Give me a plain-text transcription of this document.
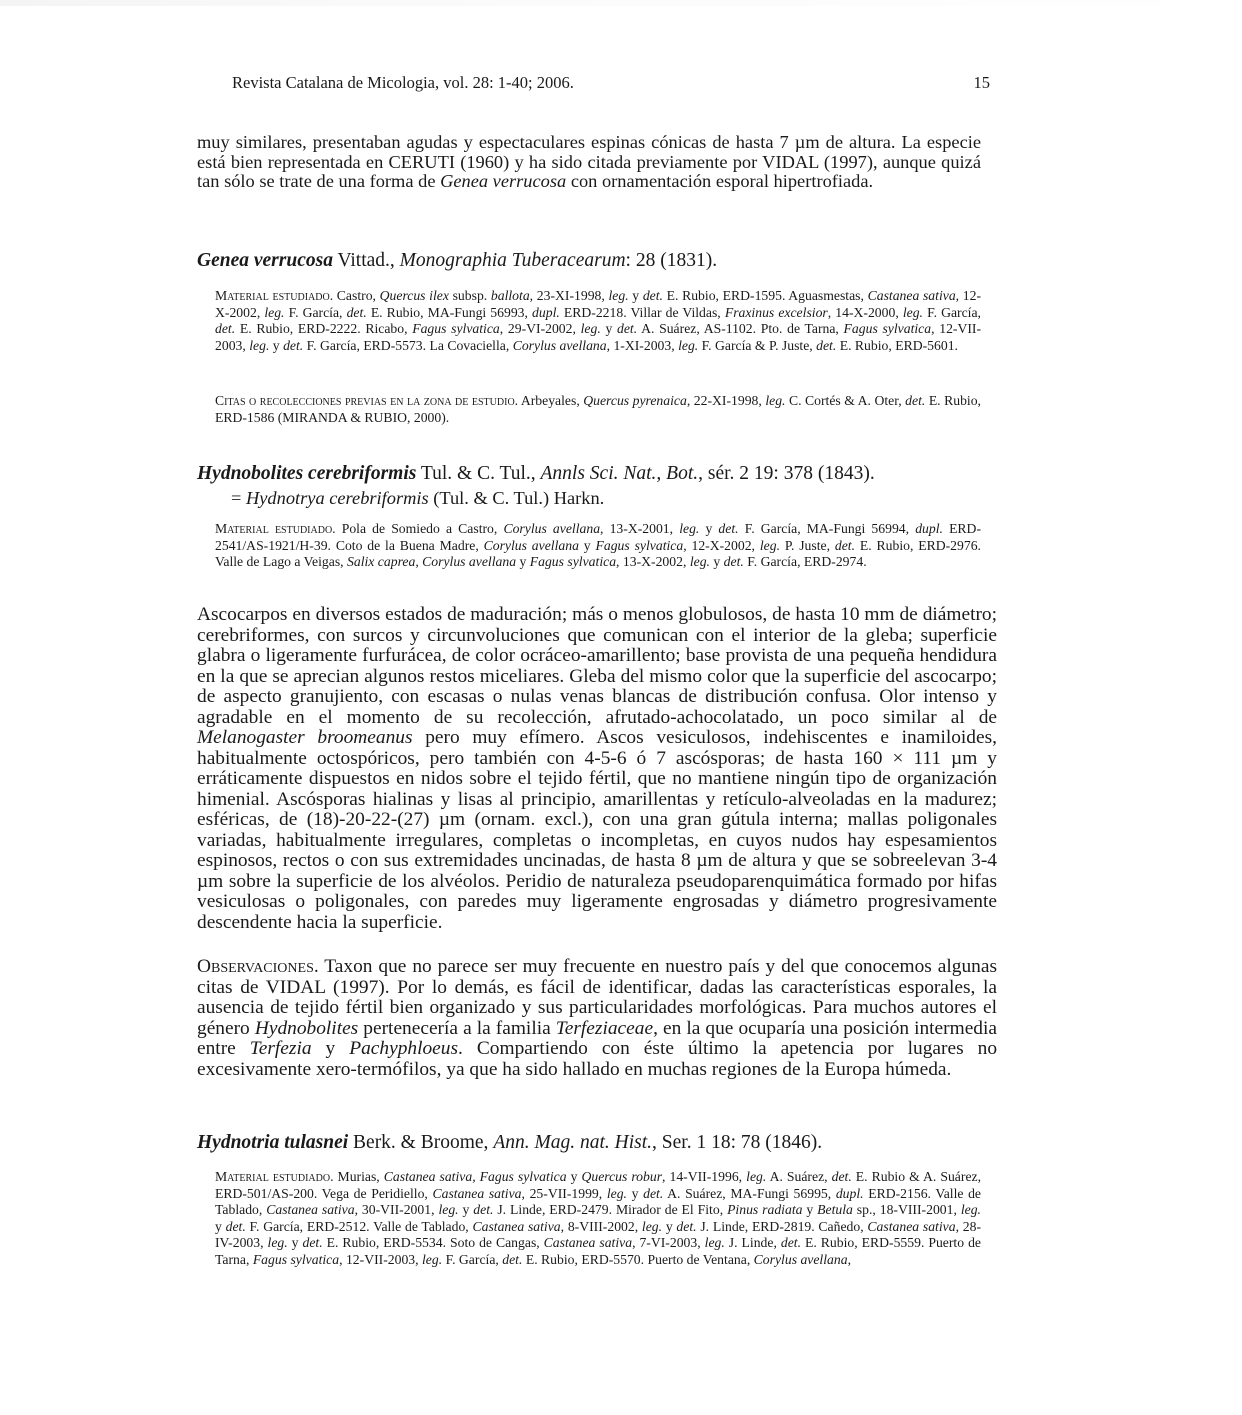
Revista Catalana de Micologia, vol. 28: 1-40; 2006.	15
muy similares, presentaban agudas y espectaculares espinas cónicas de hasta 7 µm de altura. La especie está bien representada en CERUTI (1960) y ha sido citada previamente por VIDAL (1997), aunque quizá tan sólo se trate de una forma de Genea verrucosa con ornamentación esporal hipertrofiada.
Genea verrucosa Vittad., Monographia Tuberacearum: 28 (1831).
Material estudiado. Castro, Quercus ilex subsp. ballota, 23-XI-1998, leg. y det. E. Rubio, ERD-1595. Aguasmestas, Castanea sativa, 12-X-2002, leg. F. García, det. E. Rubio, MA-Fungi 56993, dupl. ERD-2218. Villar de Vildas, Fraxinus excelsior, 14-X-2000, leg. F. García, det. E. Rubio, ERD-2222. Ricabo, Fagus sylvatica, 29-VI-2002, leg. y det. A. Suárez, AS-1102. Pto. de Tarna, Fagus sylvatica, 12-VII-2003, leg. y det. F. García, ERD-5573. La Covaciella, Corylus avellana, 1-XI-2003, leg. F. García & P. Juste, det. E. Rubio, ERD-5601.
Citas o recolecciones previas en la zona de estudio. Arbeyales, Quercus pyrenaica, 22-XI-1998, leg. C. Cortés & A. Oter, det. E. Rubio, ERD-1586 (MIRANDA & RUBIO, 2000).
Hydnobolites cerebriformis Tul. & C. Tul., Annls Sci. Nat., Bot., sér. 2 19: 378 (1843).
= Hydnotrya cerebriformis (Tul. & C. Tul.) Harkn.
Material estudiado. Pola de Somiedo a Castro, Corylus avellana, 13-X-2001, leg. y det. F. García, MA-Fungi 56994, dupl. ERD-2541/AS-1921/H-39. Coto de la Buena Madre, Corylus avellana y Fagus sylvatica, 12-X-2002, leg. P. Juste, det. E. Rubio, ERD-2976. Valle de Lago a Veigas, Salix caprea, Corylus avellana y Fagus sylvatica, 13-X-2002, leg. y det. F. García, ERD-2974.
Ascocarpos en diversos estados de maduración; más o menos globulosos, de hasta 10 mm de diámetro; cerebriformes, con surcos y circunvoluciones que comunican con el interior de la gleba; superficie glabra o ligeramente furfurácea, de color ocráceo-amarillento; base provista de una pequeña hendidura en la que se aprecian algunos restos miceliares. Gleba del mismo color que la superficie del ascocarpo; de aspecto granujiento, con escasas o nulas venas blancas de distribución confusa. Olor intenso y agradable en el momento de su recolección, afrutado-achocolatado, un poco similar al de Melanogaster broomeanus pero muy efímero. Ascos vesiculosos, indehiscentes e inamiloides, habitualmente octospóricos, pero también con 4-5-6 ó 7 ascósporas; de hasta 160 × 111 µm y erráticamente dispuestos en nidos sobre el tejido fértil, que no mantiene ningún tipo de organización himenial. Ascósporas hialinas y lisas al principio, amarillentas y retículo-alveoladas en la madurez; esféricas, de (18)-20-22-(27) µm (ornam. excl.), con una gran gútula interna; mallas poligonales variadas, habitualmente irregulares, completas o incompletas, en cuyos nudos hay espesamientos espinosos, rectos o con sus extremidades uncinadas, de hasta 8 µm de altura y que se sobreelevan 3-4 µm sobre la superficie de los alvéolos. Peridio de naturaleza pseudoparenquimática formado por hifas vesiculosas o poligonales, con paredes muy ligeramente engrosadas y diámetro progresivamente descendente hacia la superficie.
Observaciones. Taxon que no parece ser muy frecuente en nuestro país y del que conocemos algunas citas de VIDAL (1997). Por lo demás, es fácil de identificar, dadas las características esporales, la ausencia de tejido fértil bien organizado y sus particularidades morfológicas. Para muchos autores el género Hydnobolites pertenecería a la familia Terfeziaceae, en la que ocuparía una posición intermedia entre Terfezia y Pachyphloeus. Compartiendo con éste último la apetencia por lugares no excesivamente xero-termófilos, ya que ha sido hallado en muchas regiones de la Europa húmeda.
Hydnotria tulasnei Berk. & Broome, Ann. Mag. nat. Hist., Ser. 1 18: 78 (1846).
Material estudiado. Murias, Castanea sativa, Fagus sylvatica y Quercus robur, 14-VII-1996, leg. A. Suárez, det. E. Rubio & A. Suárez, ERD-501/AS-200. Vega de Peridiello, Castanea sativa, 25-VII-1999, leg. y det. A. Suárez, MA-Fungi 56995, dupl. ERD-2156. Valle de Tablado, Castanea sativa, 30-VII-2001, leg. y det. J. Linde, ERD-2479. Mirador de El Fito, Pinus radiata y Betula sp., 18-VIII-2001, leg. y det. F. García, ERD-2512. Valle de Tablado, Castanea sativa, 8-VIII-2002, leg. y det. J. Linde, ERD-2819. Cañedo, Castanea sativa, 28-IV-2003, leg. y det. E. Rubio, ERD-5534. Soto de Cangas, Castanea sativa, 7-VI-2003, leg. J. Linde, det. E. Rubio, ERD-5559. Puerto de Tarna, Fagus sylvatica, 12-VII-2003, leg. F. García, det. E. Rubio, ERD-5570. Puerto de Ventana, Corylus avellana,
